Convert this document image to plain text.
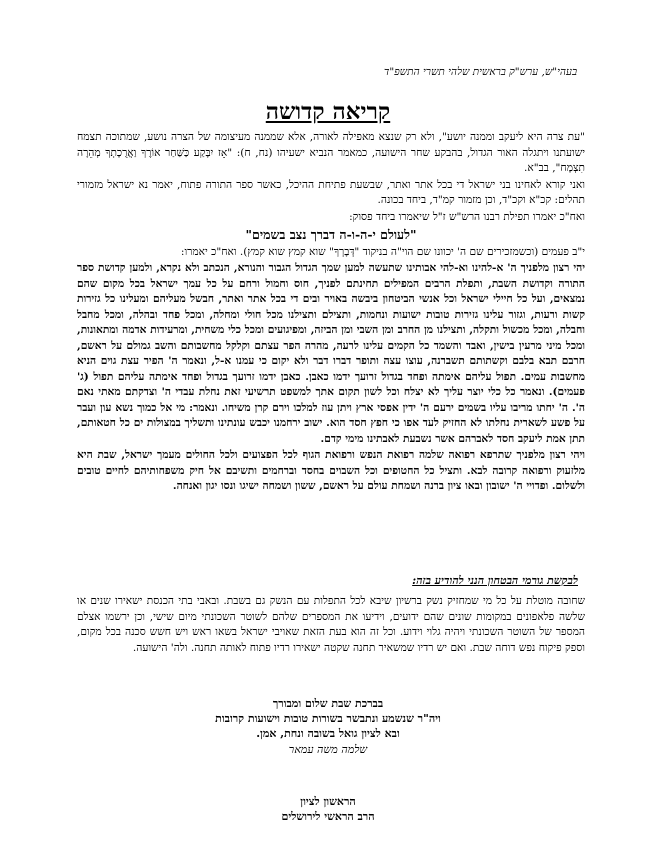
בעהי"ש, ערש"ק בראשית שלהי תשרי התשפ"ד
קריאה קדושה

"עת צרה היא ליעקב וממנה יושע", ולא רק שנצא מאפילה לאורה, אלא שממנה מעיצומה של הצרה נושע, שמתוכה תצמח ישועתנו ויתגלה האור הגדול, בהבקע שחר הישועה, כמאמר הנביא ישעיהו (נח, ח): "אָז יִבָּקַע כַּשַּׁחַר אוֹרֶךָ וַאֲרֻכָתְךָ מְהֵרָה תִצְמָח", בב"א.

ואני קורא לאחינו בני ישראל די בכל אתר ואתר, שבשעת פתיחת ההיכל, כאשר ספר התורה פתוח, יאמר נא ישראל מזמורי תהלים: קכ"א וקכ"ד, וכן מזמור קמ"ד, ביחד בכונה.

ואח"כ יאמרו תפילת רבנו הרש"ש ז"ל שיאמרו ביחד פסוק:

"לעולם י-ה-ו-ה דברך נצב בשמים"

י"ב פעמים (וכשמזכירים שם ה' יכוונו שם הוי"ה בניקוד "דְּבָרְךָ" שוא קמץ שוא קמץ). ואח"כ יאמרו:

יהי רצון מלפניך ה' א-להינו וא-להי אבותינו שתעשה למען שמך הגדול הגבור והנורא, הנכתב ולא נקרא, ולמען קדושת ספר התורה וקדושת השבת, ותפלת הרבים המפילים תחינתם לפניך, חוס וחמול ורחם על כל עמך ישראל בכל מקום שהם נמצאים, ועל כל חיילי ישראל וכל אנשי הביטחון ביבשה באויר ובים די בכל אתר ואתר, חבשל מעליהם ומעלינו כל גזירות קשות ורעות, וגזור עלינו גזירות טובות ישועות ונחמות, ותצילם ותצילנו מכל חולי ומחלה, ומכל פחד ובהלה, ומכל מחבל וחבלה, ומכל מכשול ותקלה, ותצילנו מן החרב ומן השבי ומן הביזה, ומפיגועים ומכל כלי משחית, ומרעידות אדמה ומתאונות, ומכל מיני מרעין בישין, ואבד והשמד כל הקמים עלינו לרעה, מהרה הפר עצתם וקלקל מחשבותם והשב גמולם על ראשם, חרבם תבא בלבם וקשתותם תשברנה, עוצו עצה ותופר דברו דבר ולא יקום כי עמנו א-ל, ונאמר ה' הפיר עצת גוים הניא מחשבות עמים. תפול עליהם אימתה ופחד בגדול זרועך ידמו כאבן. כאבן ידמו זרועך בגדול ופחד אימתה עליהם תפול (ג' פעמים). ונאמר כל כלי יוצר עליך לא יצלח וכל לשון תקום אתך למשפט תרשיעי זאת נחלת עבדי ה' וצדקתם מאתי נאם ה'. ה' יחתו מריבו עליו בשמים ירעם ה' ידין אפסי ארץ ויתן עוז למלכו וירם קרן משיחו. ונאמר: מי אל כמוך נשא עון ועבר על פשע לשארית נחלתו לא החזיק לעד אפו כי חפץ חסד הוא. ישוב ירחמנו יכבש עונתינו ותשליך במצולות ים כל חטאותם, תתן אמת ליעקב חסד לאברהם אשר נשבעת לאבתינו מימי קדם.

ויהי רצון מלפניך שתרפא רפואה שלמה רפואת הנפש ורפואת הגוף לכל הפצועים ולכל החולים מעמך ישראל, שבת היא מלזעוק ורפואה קרובה לבא. ותציל כל החטופים וכל השבוים בחסד וברחמים ותשיבם אל חיק משפחותיהם לחיים טובים ולשלום. ופדויי ה' ישובון ובאו ציון ברנה ושמחת עולם על ראשם, ששון ושמחה ישיגו ונסו יגון ואנחה.

לבקשת גורמי הבטחון הנני להודיע בזה:

שחובה מוטלת על כל מי שמחזיק נשק ברשיון שיבא לכל התפלות עם הנשק גם בשבת. ובאבי בתי הכנסת ישאירו שנים או שלשה פלאפונים במקומות שונים שהם ידועים, וידיעו את המספרים שלהם לשוטר השכונתי מיום שישי, וכן ירשמו אצלם המספר של השוטר השכונתי ויהיה גלוי וידוע. וכל זה הוא בעת הזאת שאויבי ישראל בשאו ראש ויש חשש סכנה בכל מקום, וספק פיקוח נפש דוחה שבת. ואם יש רדיו שמשאיר תחנה שקטה ישאירו רדיו פתוח לאותה תחנה. ולה' הישועה.

בברכת שבת שלום ומבורך
ויה"ר שנשמע ונתבשר בשורות טובות וישועות קרובות
ובא לציון גואל בשובה ונחת, אמן.
שלמה משה עמאר
הראשון לציון
הרב הראשי לירושלים
